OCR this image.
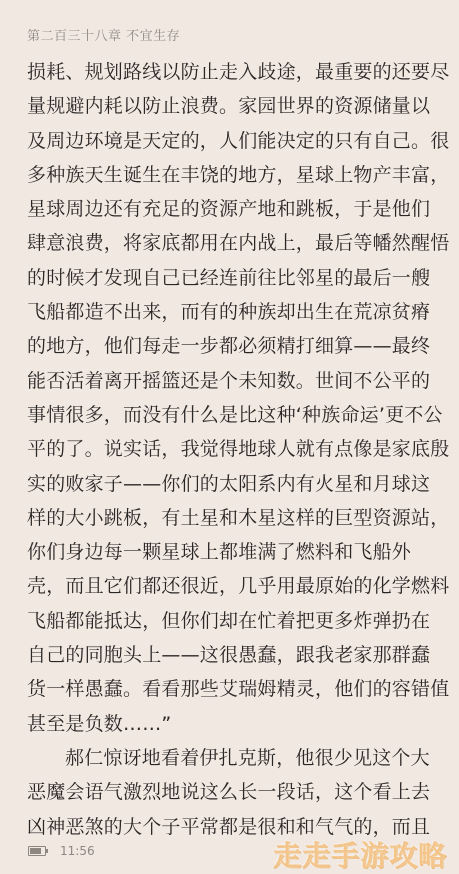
第二百三十八章 不宜生存
损耗、规划路线以防止走入歧途，最重要的还要尽
量规避内耗以防止浪费。家园世界的资源储量以
及周边环境是天定的，人们能决定的只有自己。很
多种族天生诞生在丰饶的地方，星球上物产丰富，
星球周边还有充足的资源产地和跳板，于是他们
肆意浪费，将家底都用在内战上，最后等幡然醒悟
的时候才发现自己已经连前往比邻星的最后一艘
飞船都造不出来，而有的种族却出生在荒凉贫瘠
的地方，他们每走一步都必须精打细算——最终
能否活着离开摇篮还是个未知数。世间不公平的
事情很多，而没有什么是比这种‘种族命运’更不公
平的了。说实话，我觉得地球人就有点像是家底殷
实的败家子——你们的太阳系内有火星和月球这
样的大小跳板，有土星和木星这样的巨型资源站，
你们身边每一颗星球上都堆满了燃料和飞船外
壳，而且它们都还很近，几乎用最原始的化学燃料
飞船都能抵达，但你们却在忙着把更多炸弹扔在
自己的同胞头上——这很愚蠢，跟我老家那群蠢
货一样愚蠢。看看那些艾瑞姆精灵，他们的容错值
甚至是负数……”
郝仁惊讶地看着伊扎克斯，他很少见这个大
恶魔会语气激烈地说这么长一段话，这个看上去
凶神恶煞的大个子平常都是很和和气气的，而且
11:56	走走手游攻略
